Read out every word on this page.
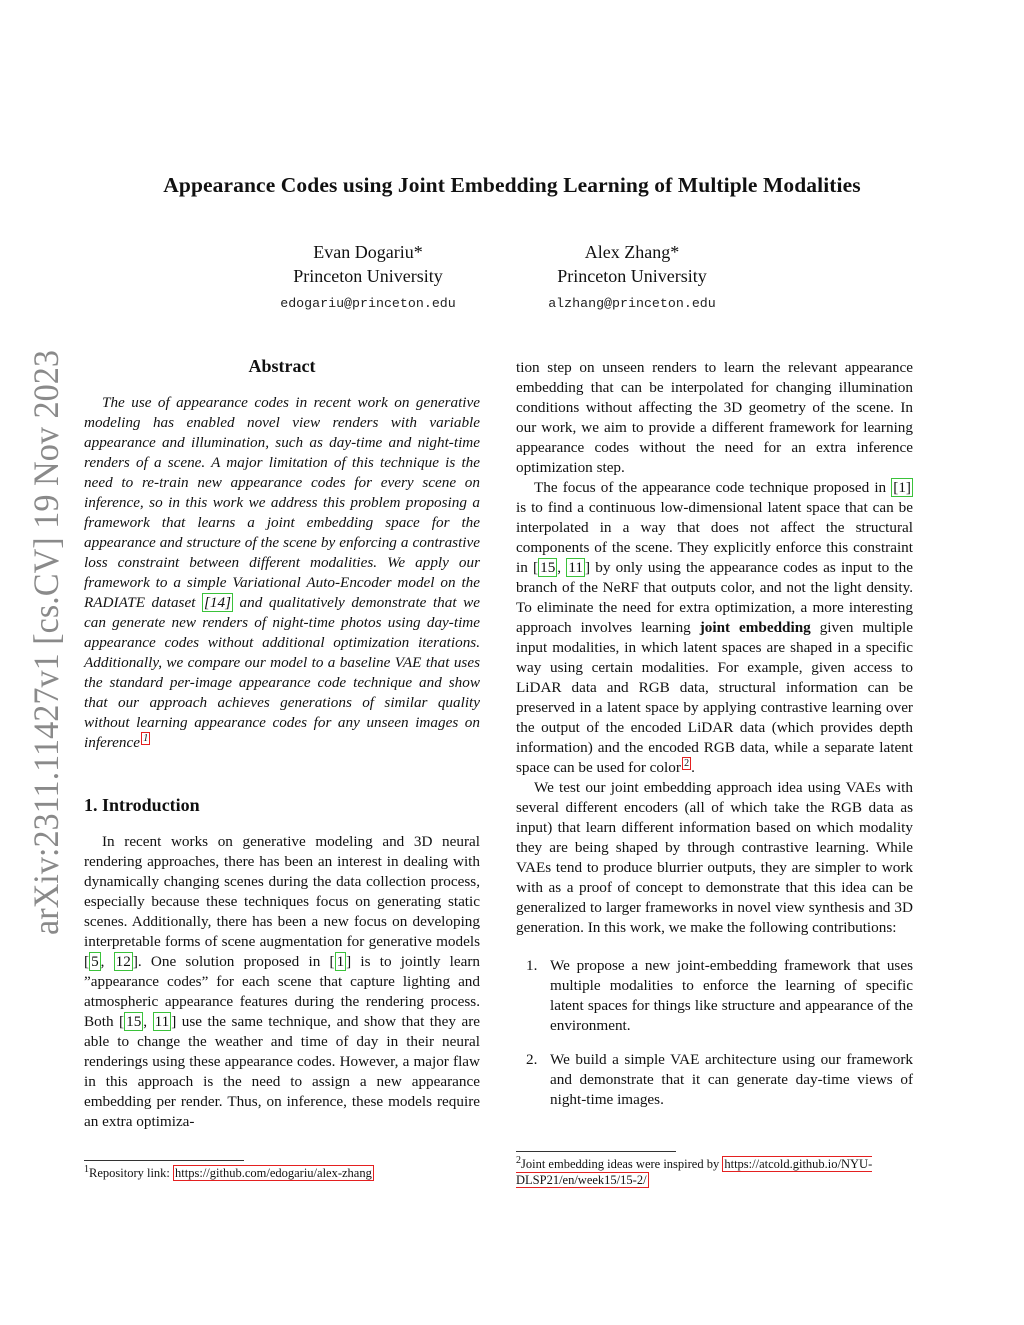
arXiv:2311.11427v1 [cs.CV] 19 Nov 2023
Appearance Codes using Joint Embedding Learning of Multiple Modalities
Evan Dogariu*
Princeton University
edogariu@princeton.edu
Alex Zhang*
Princeton University
alzhang@princeton.edu
Abstract

The use of appearance codes in recent work on generative modeling has enabled novel view renders with variable appearance and illumination, such as day-time and night-time renders of a scene. A major limitation of this technique is the need to re-train new appearance codes for every scene on inference, so in this work we address this problem proposing a framework that learns a joint embedding space for the appearance and structure of the scene by enforcing a contrastive loss constraint between different modalities. We apply our framework to a simple Variational Auto-Encoder model on the RADIATE dataset [14] and qualitatively demonstrate that we can generate new renders of night-time photos using day-time appearance codes without additional optimization iterations. Additionally, we compare our model to a baseline VAE that uses the standard per-image appearance code technique and show that our approach achieves generations of similar quality without learning appearance codes for any unseen images on inference  $^1$

1. Introduction

In recent works on generative modeling and 3D neural rendering approaches, there has been an interest in dealing with dynamically changing scenes during the data collection process, especially because these techniques focus on generating static scenes. Additionally, there has been a new focus on developing interpretable forms of scene augmentation for generative models [ 5 , 12 ]. One solution proposed in [ 1 ] is to jointly learn ”appearance codes” for each scene that capture lighting and atmospheric appearance features during the rendering process. Both [ 15 , 11 ] use the same technique, and show that they are able to change the weather and time of day in their neural renderings using these appearance codes. However, a major flaw in this approach is the need to assign a new appearance embedding per render. Thus, on inference, these models require an extra optimiza-

tion step on unseen renders to learn the relevant appearance embedding that can be interpolated for changing illumination conditions without affecting the 3D geometry of the scene. In our work, we aim to provide a different framework for learning appearance codes without the need for an extra inference optimization step.

The focus of the appearance code technique proposed in [1] is to find a continuous low-dimensional latent space that can be interpolated in a way that does not affect the structural components of the scene. They explicitly enforce this constraint in [ 15 , 11 ] by only using the appearance codes as input to the branch of the NeRF that outputs color, and not the light density. To eliminate the need for extra optimization, a more interesting approach involves learning joint embedding given multiple input modalities, in which latent spaces are shaped in a specific way using certain modalities. For example, given access to LiDAR data and RGB data, structural information can be preserved in a latent space by applying contrastive learning over the output of the encoded LiDAR data (which provides depth information) and the encoded RGB data, while a separate latent space can be used for color  $^2$ .

We test our joint embedding approach idea using VAEs with several different encoders (all of which take the RGB data as input) that learn different information based on which modality they are being shaped by through contrastive learning. While VAEs tend to produce blurrier outputs, they are simpler to work with as a proof of concept to demonstrate that this idea can be generalized to larger frameworks in novel view synthesis and 3D generation. In this work, we make the following contributions:

1. We propose a new joint-embedding framework that uses multiple modalities to enforce the learning of specific latent spaces for things like structure and appearance of the environment.
2. We build a simple VAE architecture using our framework and demonstrate that it can generate day-time views of night-time images.
$^1$Repository link: https://github.com/edogariu/alex-zhang
$^2$Joint embedding ideas were inspired by https://atcold.github.io/NYU-DLSP21/en/week15/15-2/
